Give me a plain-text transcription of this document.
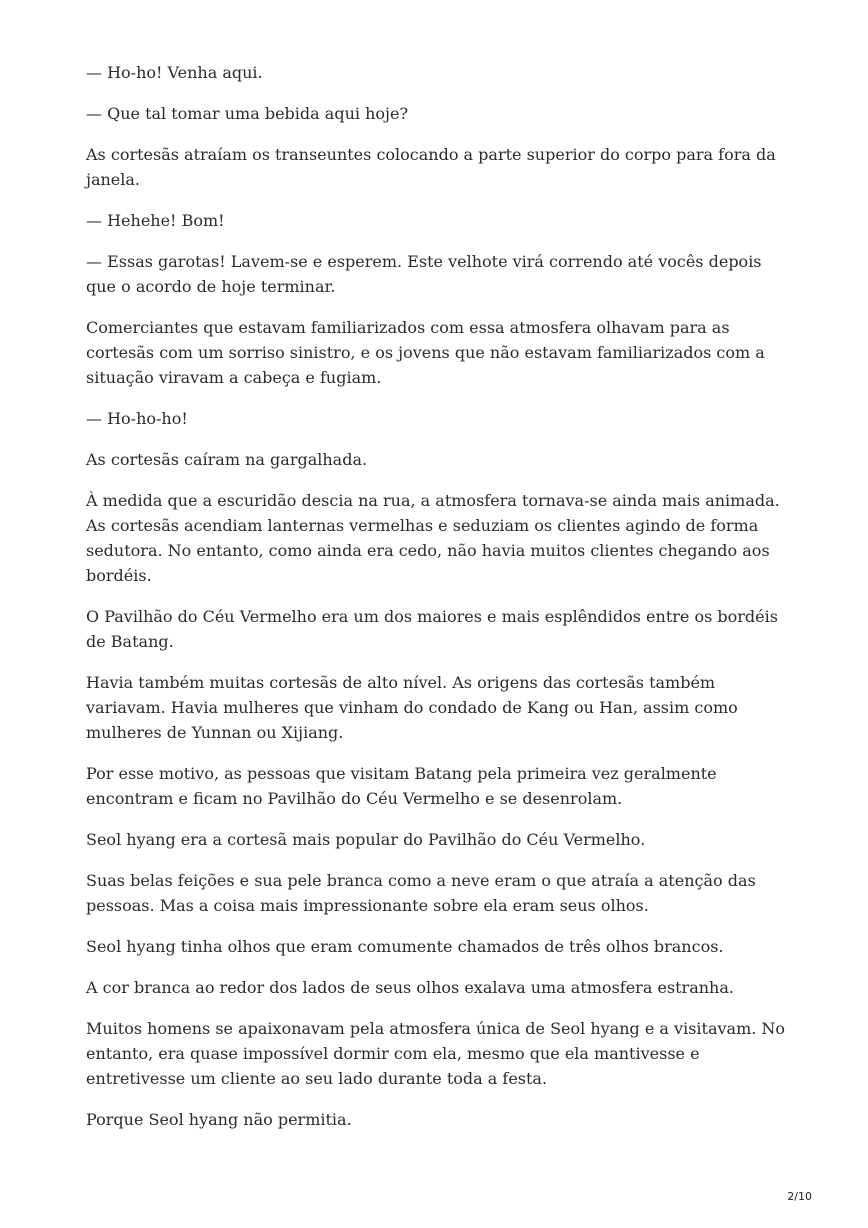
— Ho-ho! Venha aqui.

— Que tal tomar uma bebida aqui hoje?

As cortesãs atraíam os transeuntes colocando a parte superior do corpo para fora da janela.

— Hehehe! Bom!

— Essas garotas! Lavem-se e esperem. Este velhote virá correndo até vocês depois que o acordo de hoje terminar.

Comerciantes que estavam familiarizados com essa atmosfera olhavam para as cortesãs com um sorriso sinistro, e os jovens que não estavam familiarizados com a situação viravam a cabeça e fugiam.

— Ho-ho-ho!

As cortesãs caíram na gargalhada.

À medida que a escuridão descia na rua, a atmosfera tornava-se ainda mais animada. As cortesãs acendiam lanternas vermelhas e seduziam os clientes agindo de forma sedutora. No entanto, como ainda era cedo, não havia muitos clientes chegando aos bordéis.

O Pavilhão do Céu Vermelho era um dos maiores e mais esplêndidos entre os bordéis de Batang.

Havia também muitas cortesãs de alto nível. As origens das cortesãs também variavam. Havia mulheres que vinham do condado de Kang ou Han, assim como mulheres de Yunnan ou Xijiang.

Por esse motivo, as pessoas que visitam Batang pela primeira vez geralmente encontram e ficam no Pavilhão do Céu Vermelho e se desenrolam.

Seol hyang era a cortesã mais popular do Pavilhão do Céu Vermelho.

Suas belas feições e sua pele branca como a neve eram o que atraía a atenção das pessoas. Mas a coisa mais impressionante sobre ela eram seus olhos.

Seol hyang tinha olhos que eram comumente chamados de três olhos brancos.

A cor branca ao redor dos lados de seus olhos exalava uma atmosfera estranha.

Muitos homens se apaixonavam pela atmosfera única de Seol hyang e a visitavam. No entanto, era quase impossível dormir com ela, mesmo que ela mantivesse e entretivesse um cliente ao seu lado durante toda a festa.

Porque Seol hyang não permitia.

2/10
